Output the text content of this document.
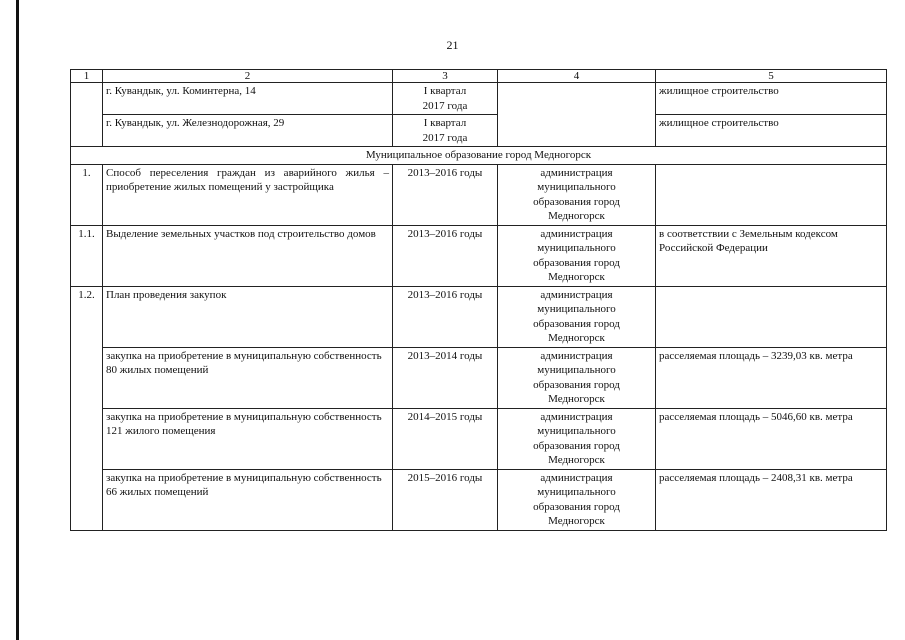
21
1	2	3	4	5
	г. Кувандык, ул. Коминтерна, 14	I квартал
2017 года		жилищное строительство
	г. Кувандык, ул. Железнодорожная, 29	I квартал
2017 года		жилищное строительство
Муниципальное образование город Медногорск				
1.	Способ переселения граждан из аварийного жилья – приобретение жилых помещений у застройщика	2013–2016 годы	администрация
муниципального
образования город
Медногорск	

1.1.	Выделение земельных участков под строительство домов	2013–2016 годы	администрация
муниципального
образования город
Медногорск	в соответствии с Земельным кодексом Российской Федерации
1.2.	План проведения закупок	2013–2016 годы	администрация
муниципального
образования город
Медногорск	

	закупка на приобретение в муниципальную собственность 80 жилых помещений	2013–2014 годы	администрация
муниципального
образования город
Медногорск	расселяемая площадь – 3239,03 кв. метра
	закупка на приобретение в муниципальную собственность 121 жилого помещения	2014–2015 годы	администрация
муниципального
образования город
Медногорск	расселяемая площадь – 5046,60 кв. метра
	закупка на приобретение в муниципальную собственность 66 жилых помещений	2015–2016 годы	администрация
муниципального
образования город
Медногорск	расселяемая площадь – 2408,31 кв. метра
